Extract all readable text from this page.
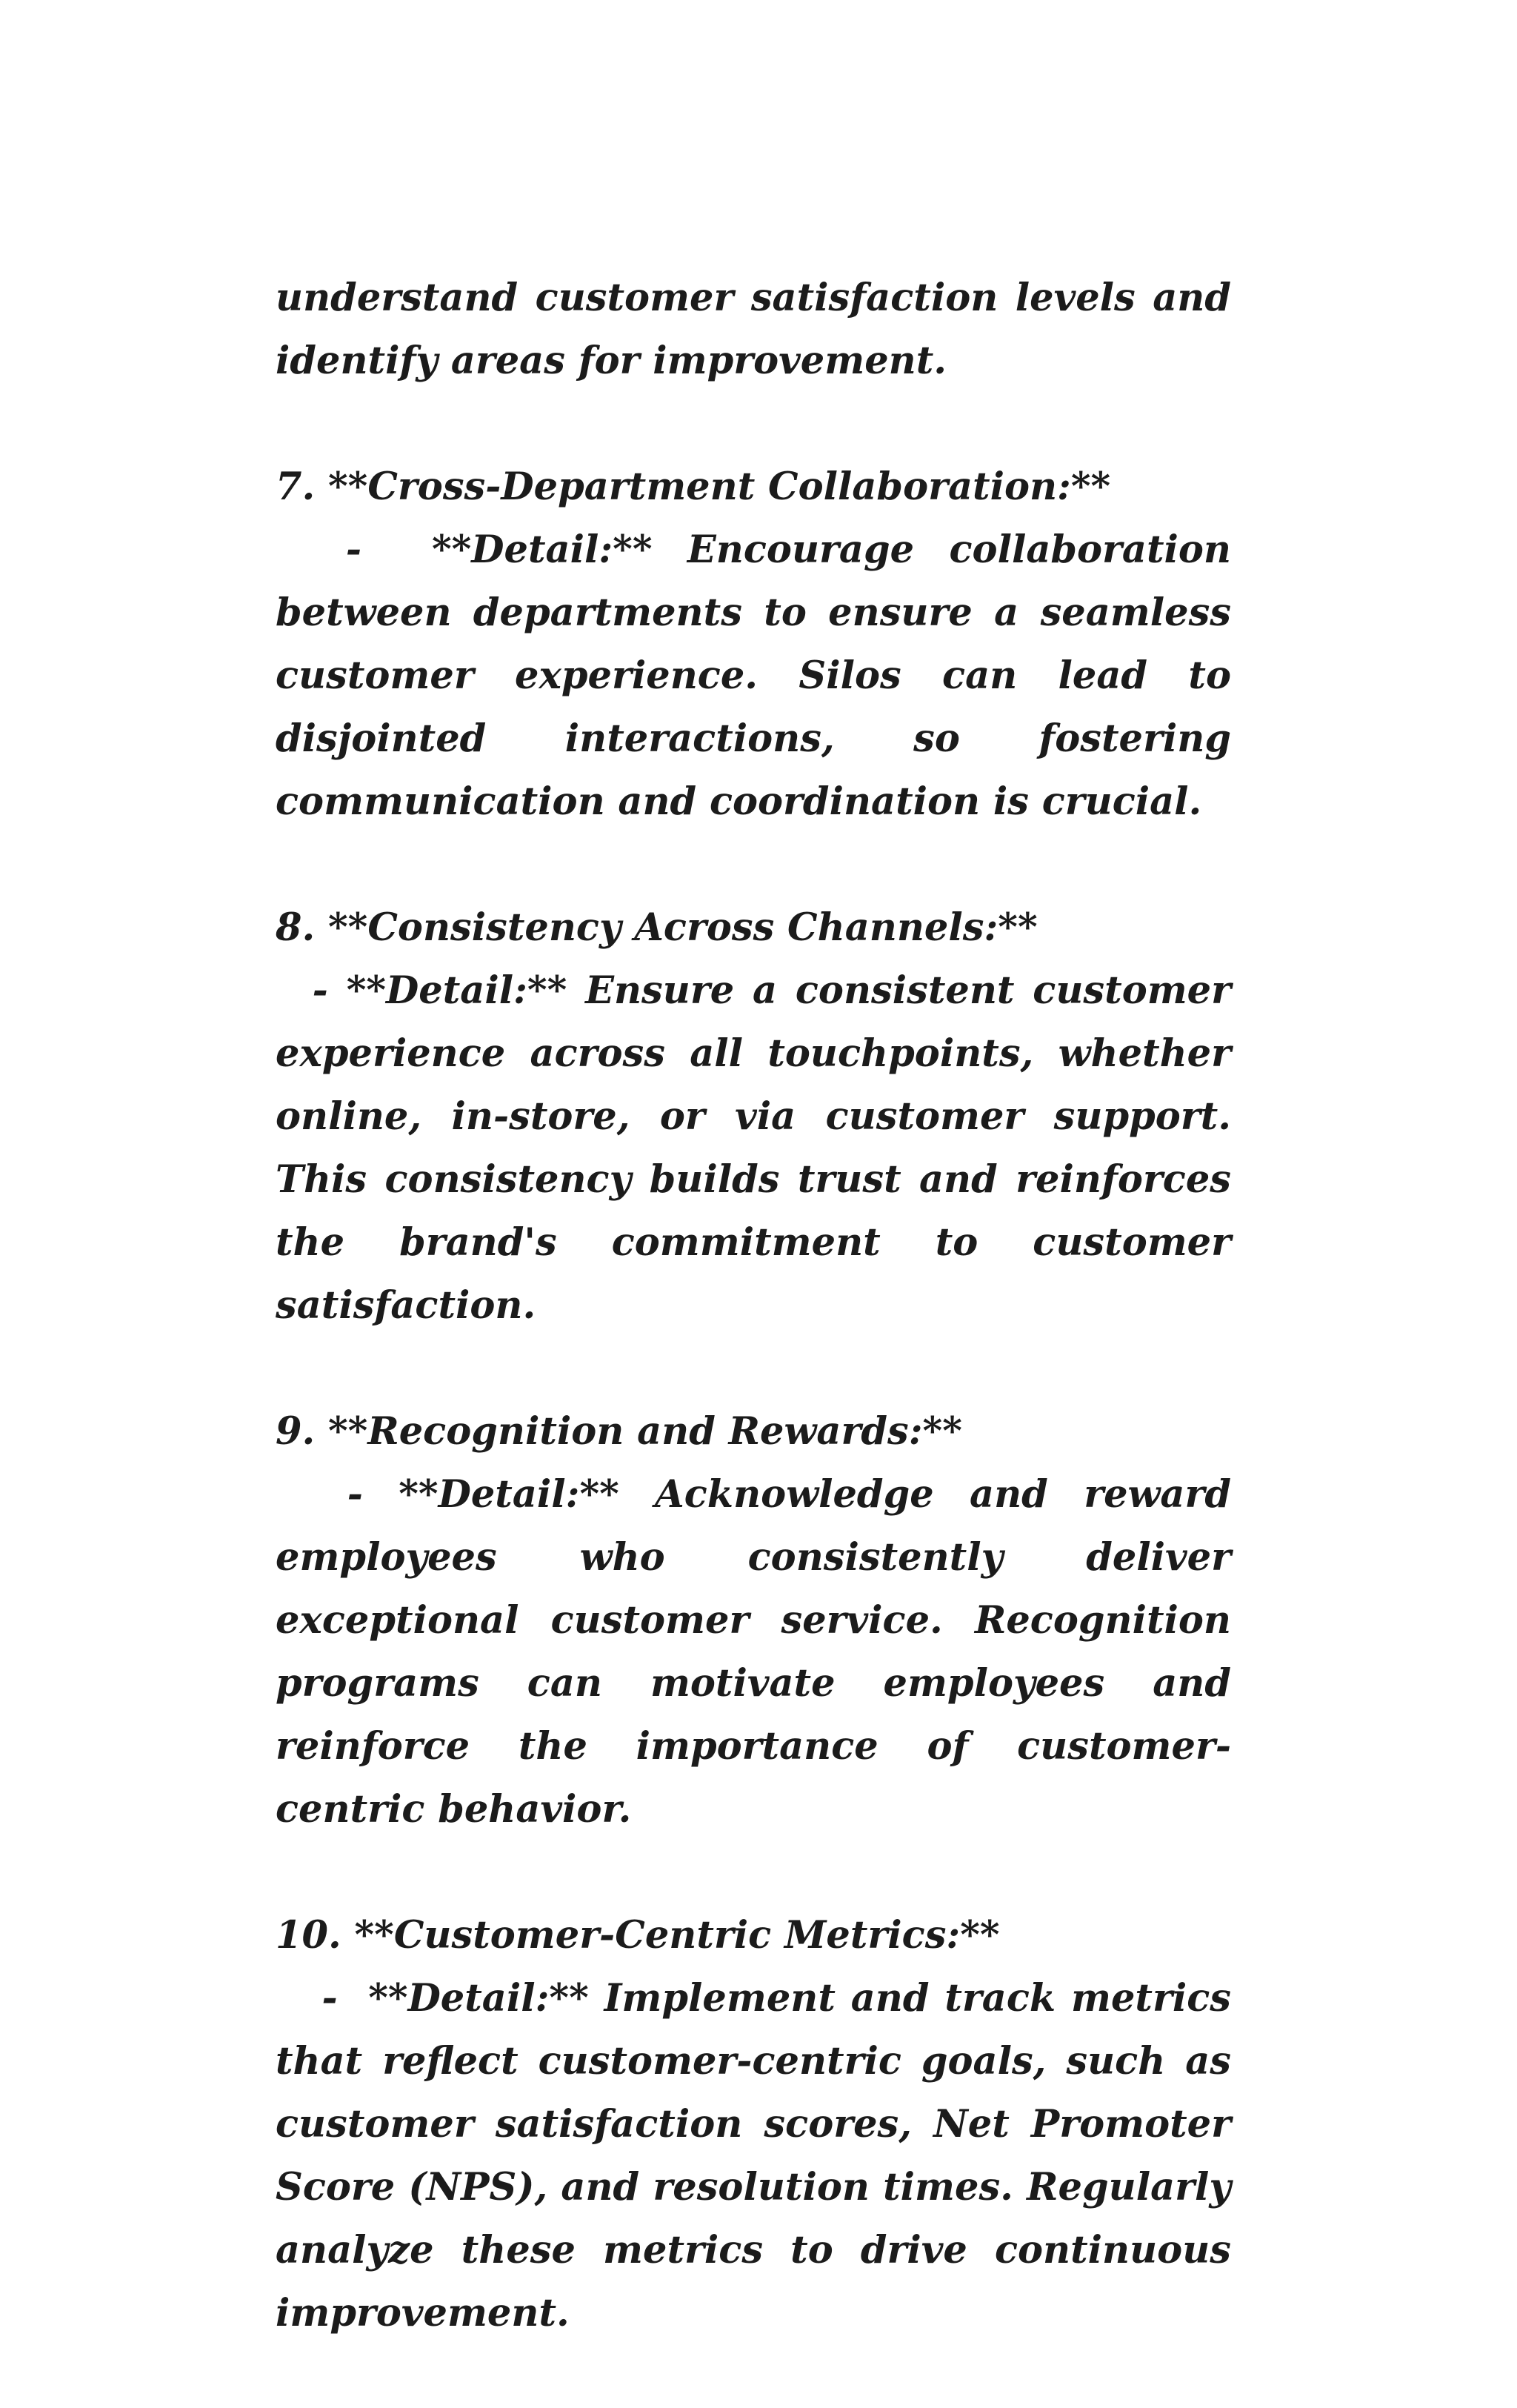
understand customer satisfaction levels and identify areas for improvement.

7. **Cross-Department Collaboration:**

-  **Detail:** Encourage collaboration between departments to ensure a seamless customer experience. Silos can lead to disjointed interactions, so fostering communication and coordination is crucial.

8. **Consistency Across Channels:**

- **Detail:** Ensure a consistent customer experience across all touchpoints, whether online, in-store, or via customer support. This consistency builds trust and reinforces the brand's commitment to customer satisfaction.

9. **Recognition and Rewards:**

- **Detail:** Acknowledge and reward employees who consistently deliver exceptional customer service. Recognition programs can motivate employees and reinforce the importance of customer-centric behavior.

10. **Customer-Centric Metrics:**

-  **Detail:** Implement and track metrics that reflect customer-centric goals, such as customer satisfaction scores, Net Promoter Score (NPS), and resolution times. Regularly analyze these metrics to drive continuous improvement.
